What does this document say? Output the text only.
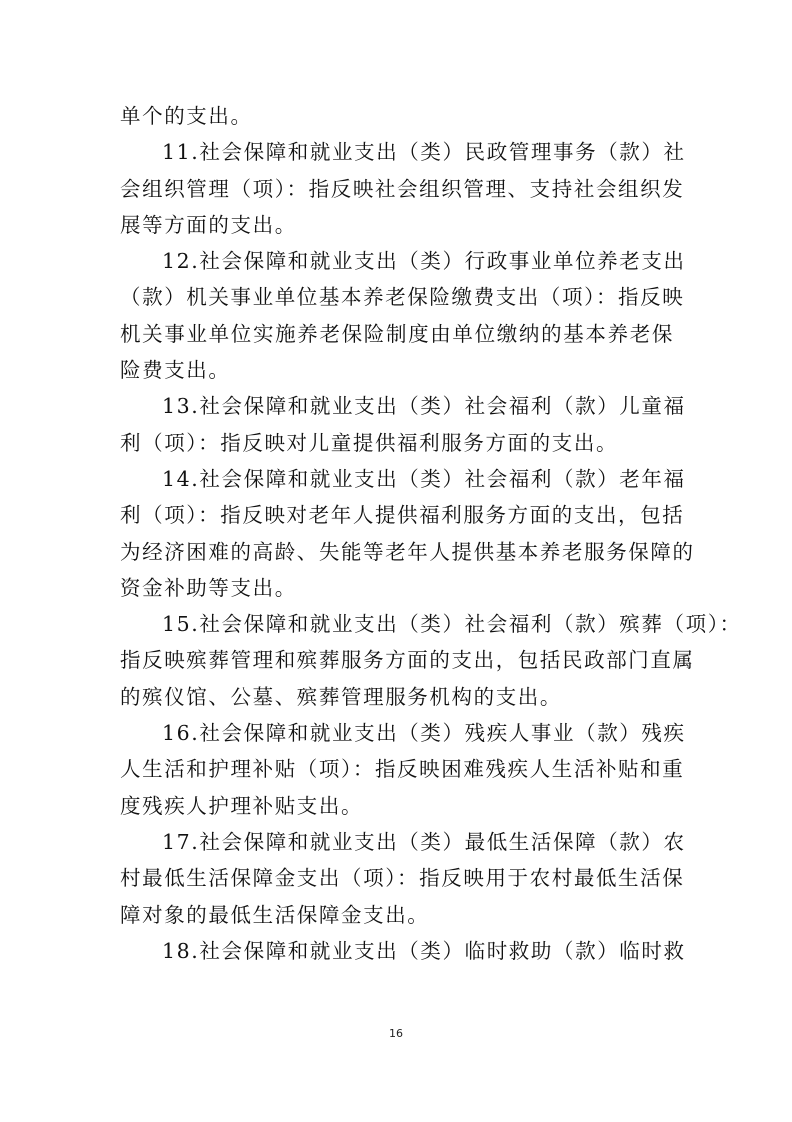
单个的支出。
11.社会保障和就业支出（类）民政管理事务（款）社
会组织管理（项）：指反映社会组织管理、支持社会组织发
展等方面的支出。
12.社会保障和就业支出（类）行政事业单位养老支出
（款）机关事业单位基本养老保险缴费支出（项）：指反映
机关事业单位实施养老保险制度由单位缴纳的基本养老保
险费支出。
13.社会保障和就业支出（类）社会福利（款）儿童福
利（项）：指反映对儿童提供福利服务方面的支出。
14.社会保障和就业支出（类）社会福利（款）老年福
利（项）：指反映对老年人提供福利服务方面的支出，包括
为经济困难的高龄、失能等老年人提供基本养老服务保障的
资金补助等支出。
15.社会保障和就业支出（类）社会福利（款）殡葬（项）：
指反映殡葬管理和殡葬服务方面的支出，包括民政部门直属
的殡仪馆、公墓、殡葬管理服务机构的支出。
16.社会保障和就业支出（类）残疾人事业（款）残疾
人生活和护理补贴（项）：指反映困难残疾人生活补贴和重
度残疾人护理补贴支出。
17.社会保障和就业支出（类）最低生活保障（款）农
村最低生活保障金支出（项）：指反映用于农村最低生活保
障对象的最低生活保障金支出。
18.社会保障和就业支出（类）临时救助（款）临时救
16
